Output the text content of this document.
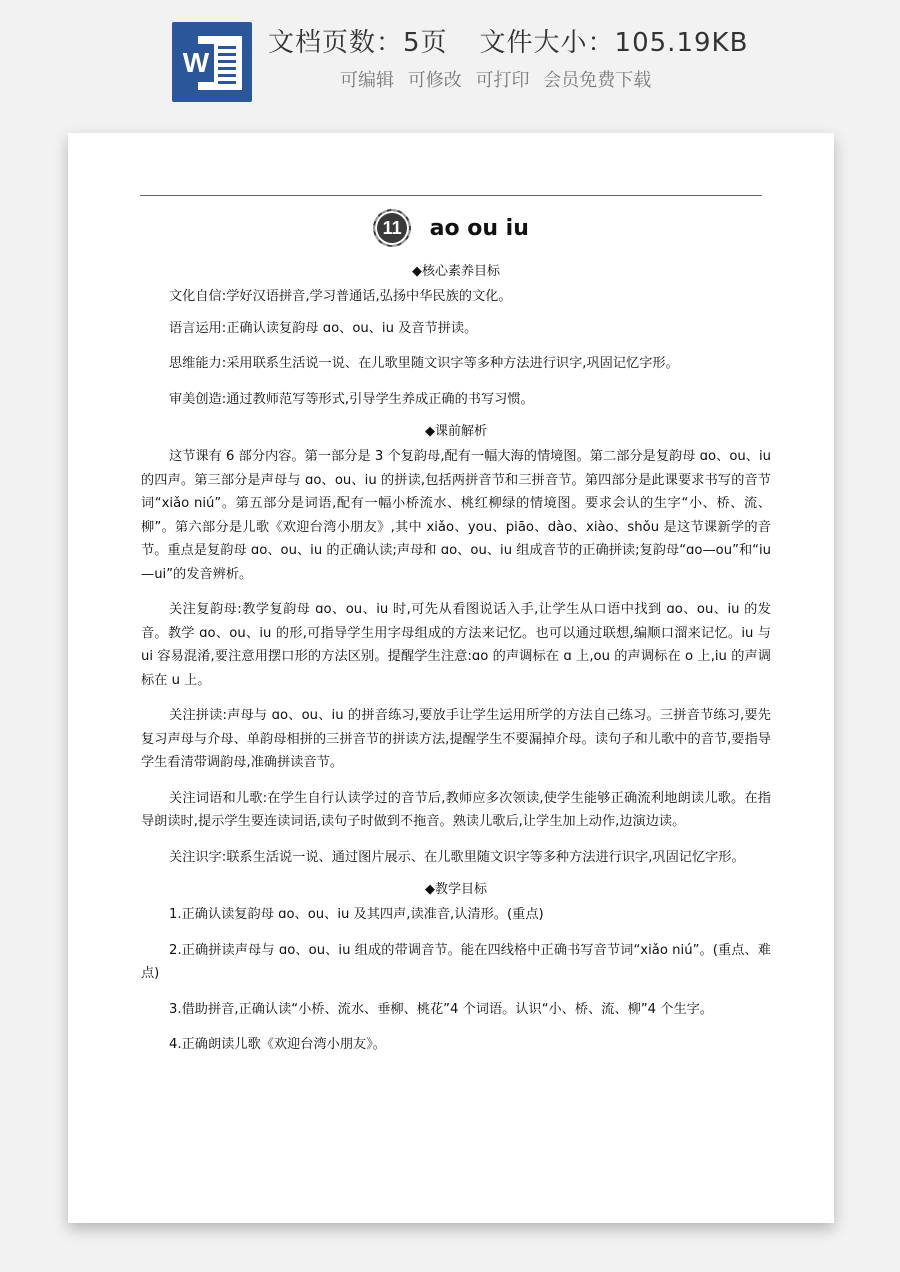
W
文档页数：5页 文件大小：105.19KB
可编辑 可修改 可打印 会员免费下载
11 ao ou iu
◆核心素养目标

文化自信:学好汉语拼音,学习普通话,弘扬中华民族的文化。

语言运用:正确认读复韵母 ɑo、ou、iu 及音节拼读。

思维能力:采用联系生活说一说、在儿歌里随文识字等多种方法进行识字,巩固记忆字形。

审美创造:通过教师范写等形式,引导学生养成正确的书写习惯。

◆课前解析

这节课有 6 部分内容。第一部分是 3 个复韵母,配有一幅大海的情境图。第二部分是复韵母 ɑo、ou、iu 的四声。第三部分是声母与 ɑo、ou、iu 的拼读,包括两拼音节和三拼音节。第四部分是此课要求书写的音节词“xiǎo niú”。第五部分是词语,配有一幅小桥流水、桃红柳绿的情境图。要求会认的生字“小、桥、流、柳”。第六部分是儿歌《欢迎台湾小朋友》,其中 xiǎo、you、piāo、dào、xiào、shǒu 是这节课新学的音节。重点是复韵母 ɑo、ou、iu 的正确认读;声母和 ɑo、ou、iu 组成音节的正确拼读;复韵母“ɑo—ou”和“iu—ui”的发音辨析。

关注复韵母:教学复韵母 ɑo、ou、iu 时,可先从看图说话入手,让学生从口语中找到 ɑo、ou、iu 的发音。教学 ɑo、ou、iu 的形,可指导学生用字母组成的方法来记忆。也可以通过联想,编顺口溜来记忆。iu 与 ui 容易混淆,要注意用摆口形的方法区别。提醒学生注意:ɑo 的声调标在 ɑ 上,ou 的声调标在 o 上,iu 的声调标在 u 上。

关注拼读:声母与 ɑo、ou、iu 的拼音练习,要放手让学生运用所学的方法自己练习。三拼音节练习,要先复习声母与介母、单韵母相拼的三拼音节的拼读方法,提醒学生不要漏掉介母。读句子和儿歌中的音节,要指导学生看清带调韵母,准确拼读音节。

关注词语和儿歌:在学生自行认读学过的音节后,教师应多次领读,使学生能够正确流利地朗读儿歌。在指导朗读时,提示学生要连读词语,读句子时做到不拖音。熟读儿歌后,让学生加上动作,边演边读。

关注识字:联系生活说一说、通过图片展示、在儿歌里随文识字等多种方法进行识字,巩固记忆字形。

◆教学目标

1.正确认读复韵母 ɑo、ou、iu 及其四声,读准音,认清形。(重点)

2.正确拼读声母与 ɑo、ou、iu 组成的带调音节。能在四线格中正确书写音节词“xiǎo niú”。(重点、难点)

3.借助拼音,正确认读“小桥、流水、垂柳、桃花”4 个词语。认识“小、桥、流、柳”4 个生字。

4.正确朗读儿歌《欢迎台湾小朋友》。
